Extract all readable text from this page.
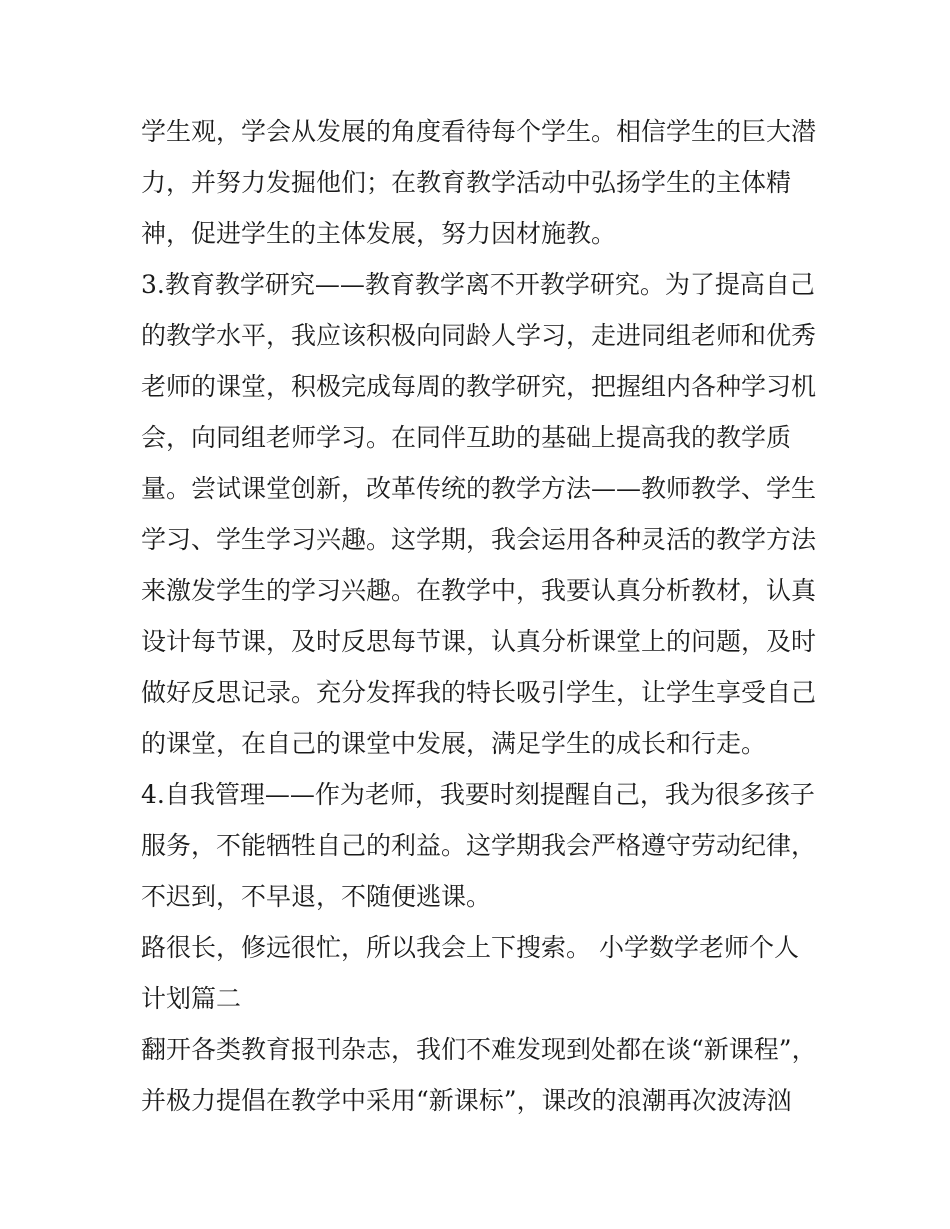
学生观，学会从发展的角度看待每个学生。相信学生的巨大潜
力，并努力发掘他们；在教育教学活动中弘扬学生的主体精
神，促进学生的主体发展，努力因材施教。
3.教育教学研究——教育教学离不开教学研究。为了提高自己
的教学水平，我应该积极向同龄人学习，走进同组老师和优秀
老师的课堂，积极完成每周的教学研究，把握组内各种学习机
会，向同组老师学习。在同伴互助的基础上提高我的教学质
量。尝试课堂创新，改革传统的教学方法——教师教学、学生
学习、学生学习兴趣。这学期，我会运用各种灵活的教学方法
来激发学生的学习兴趣。在教学中，我要认真分析教材，认真
设计每节课，及时反思每节课，认真分析课堂上的问题，及时
做好反思记录。充分发挥我的特长吸引学生，让学生享受自己
的课堂，在自己的课堂中发展，满足学生的成长和行走。
4.自我管理——作为老师，我要时刻提醒自己，我为很多孩子
服务，不能牺牲自己的利益。这学期我会严格遵守劳动纪律，
不迟到，不早退，不随便逃课。
路很长，修远很忙，所以我会上下搜索。 小学数学老师个人
计划篇二
翻开各类教育报刊杂志，我们不难发现到处都在谈“新课程”，
并极力提倡在教学中采用“新课标”，课改的浪潮再次波涛汹
